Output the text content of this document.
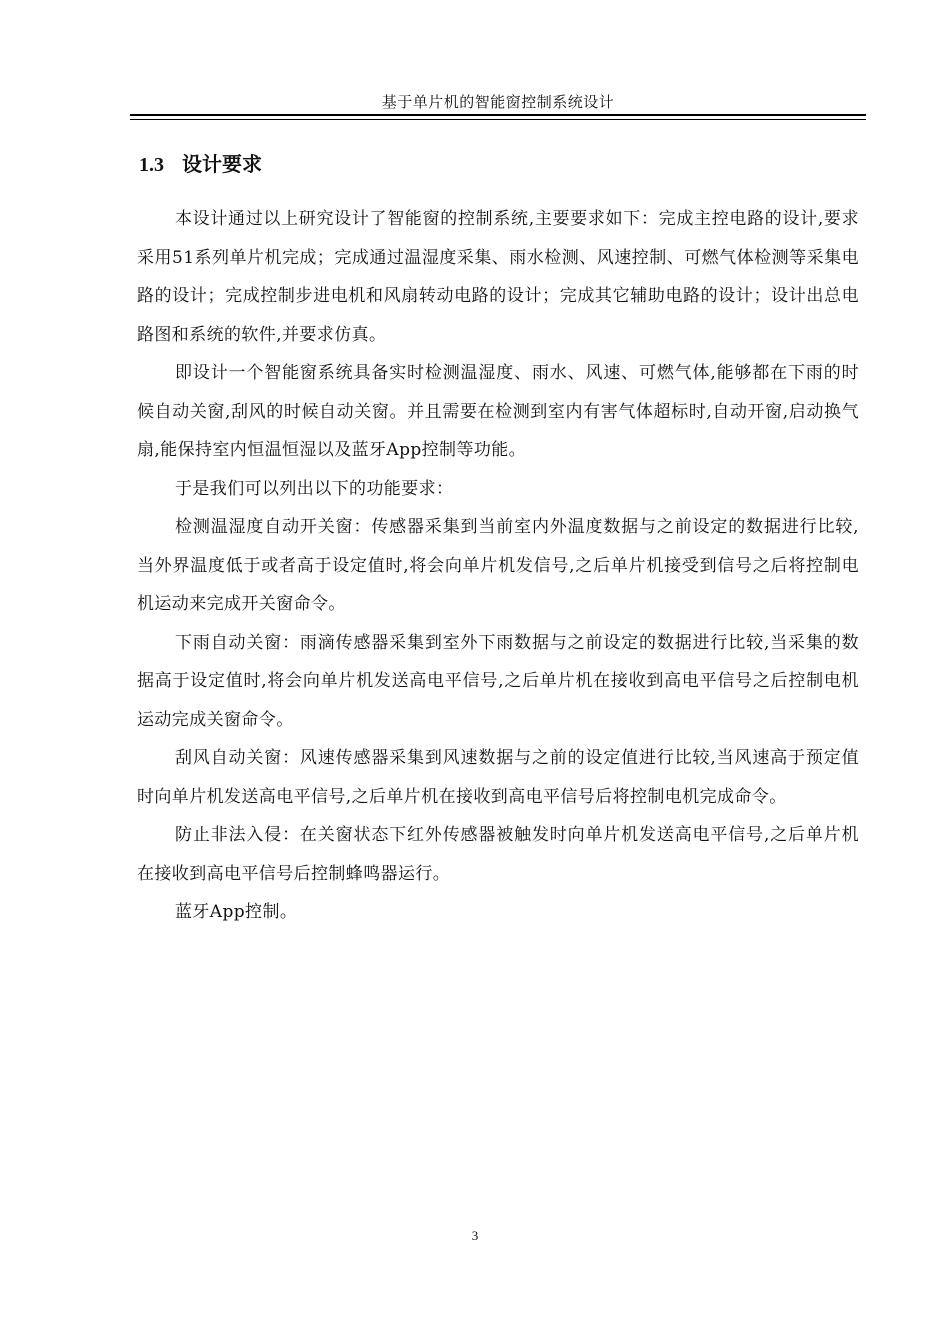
基于单片机的智能窗控制系统设计
1.3 设计要求

本设计通过以上研究设计了智能窗的控制系统,主要要求如下：完成主控电路的设计,要求采用51系列单片机完成；完成通过温湿度采集、雨水检测、风速控制、可燃气体检测等采集电路的设计；完成控制步进电机和风扇转动电路的设计；完成其它辅助电路的设计；设计出总电路图和系统的软件,并要求仿真。

即设计一个智能窗系统具备实时检测温湿度、雨水、风速、可燃气体,能够都在下雨的时候自动关窗,刮风的时候自动关窗。并且需要在检测到室内有害气体超标时,自动开窗,启动换气扇,能保持室内恒温恒湿以及蓝牙App控制等功能。

于是我们可以列出以下的功能要求：

检测温湿度自动开关窗：传感器采集到当前室内外温度数据与之前设定的数据进行比较,当外界温度低于或者高于设定值时,将会向单片机发信号,之后单片机接受到信号之后将控制电机运动来完成开关窗命令。

下雨自动关窗：雨滴传感器采集到室外下雨数据与之前设定的数据进行比较,当采集的数据高于设定值时,将会向单片机发送高电平信号,之后单片机在接收到高电平信号之后控制电机运动完成关窗命令。

刮风自动关窗：风速传感器采集到风速数据与之前的设定值进行比较,当风速高于预定值时向单片机发送高电平信号,之后单片机在接收到高电平信号后将控制电机完成命令。

防止非法入侵：在关窗状态下红外传感器被触发时向单片机发送高电平信号,之后单片机在接收到高电平信号后控制蜂鸣器运行。

蓝牙App控制。

3
